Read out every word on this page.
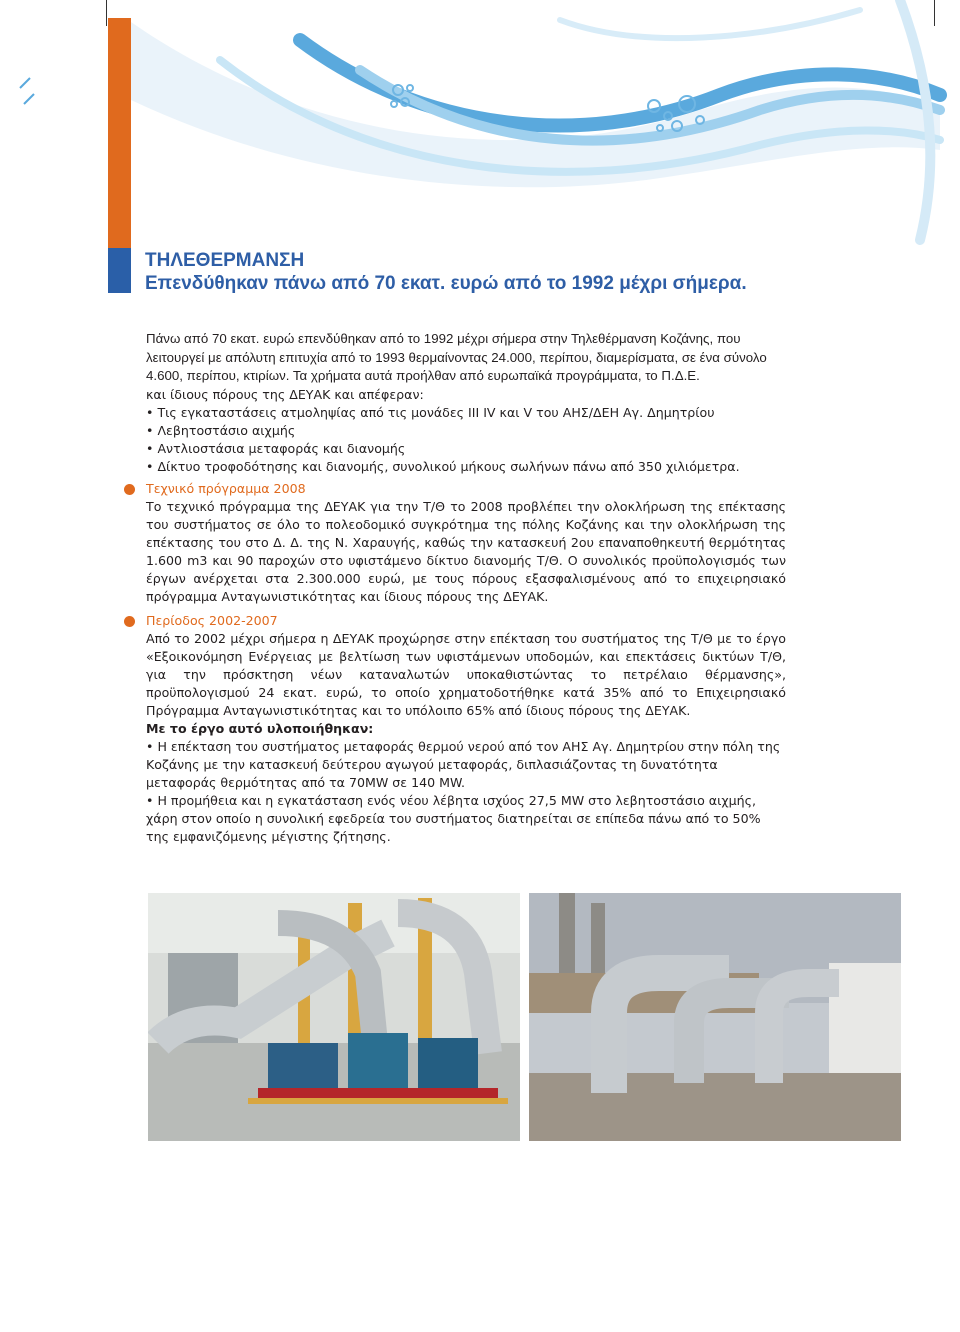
ΤΗΛΕΘΕΡΜΑΝΣΗ
Επενδύθηκαν πάνω από 70 εκατ. ευρώ από το 1992 μέχρι σήμερα.

Πάνω από 70 εκατ. ευρώ επενδύθηκαν από το 1992 μέχρι σήμερα στην Τηλεθέρμανση Κοζάνης, που λειτουργεί με απόλυτη επιτυχία από το 1993 θερμαίνοντας 24.000, περίπου, διαμερίσματα, σε ένα σύνολο 4.600, περίπου, κτιρίων. Τα χρήματα αυτά προήλθαν από ευρωπαϊκά προγράμματα, το Π.Δ.Ε.

και ίδιους πόρους της ΔΕΥΑΚ και απέφεραν:

• Τις εγκαταστάσεις ατμοληψίας από τις μονάδες ΙΙΙ IV και V του ΑΗΣ/ΔΕΗ Αγ. Δημητρίου

• Λεβητοστάσιο αιχμής

• Αντλιοστάσια μεταφοράς και διανομής

• Δίκτυο τροφοδότησης και διανομής, συνολικού μήκους σωλήνων πάνω από 350 χιλιόμετρα.

Τεχνικό πρόγραμμα 2008

Το τεχνικό πρόγραμμα της ΔΕΥΑΚ για την Τ/Θ το 2008 προβλέπει την ολοκλήρωση της επέκτασης του συστήματος σε όλο το πολεοδομικό συγκρότημα της πόλης Κοζάνης και την ολοκλήρωση της επέκτασης του στο Δ. Δ. της Ν. Χαραυγής, καθώς την κατασκευή 2ου επαναποθηκευτή θερμότητας 1.600 m3 και 90 παροχών στο υφιστάμενο δίκτυο διανομής Τ/Θ. Ο συνολικός προϋπολογισμός των έργων ανέρχεται στα 2.300.000 ευρώ, με τους πόρους εξασφαλισμένους από το επιχειρησιακό πρόγραμμα Ανταγωνιστικότητας και ίδιους πόρους της ΔΕΥΑΚ.

Περίοδος 2002-2007

Από το 2002 μέχρι σήμερα η ΔΕΥΑΚ προχώρησε στην επέκταση του συστήματος της Τ/Θ με το έργο «Εξοικονόμηση Ενέργειας με βελτίωση των υφιστάμενων υποδομών, και επεκτάσεις δικτύων Τ/Θ, για την πρόσκτηση νέων καταναλωτών υποκαθιστώντας το πετρέλαιο θέρμανσης», προϋπολογισμού 24 εκατ. ευρώ, το οποίο χρηματοδοτήθηκε κατά 35% από το Επιχειρησιακό Πρόγραμμα Ανταγωνιστικότητας και το υπόλοιπο 65% από ίδιους πόρους της ΔΕΥΑΚ.

Με το έργο αυτό υλοποιήθηκαν:

• Η επέκταση του συστήματος μεταφοράς θερμού νερού από τον ΑΗΣ Αγ. Δημητρίου στην πόλη της Κοζάνης με την κατασκευή δεύτερου αγωγού μεταφοράς, διπλασιάζοντας τη δυνατότητα μεταφοράς θερμότητας από τα 70MW σε 140 MW.

• Η προμήθεια και η εγκατάσταση ενός νέου λέβητα ισχύος 27,5 MW στο λεβητοστάσιο αιχμής, χάρη στον οποίο η συνολική εφεδρεία του συστήματος διατηρείται σε επίπεδα πάνω από το 50% της εμφανιζόμενης μέγιστης ζήτησης.
